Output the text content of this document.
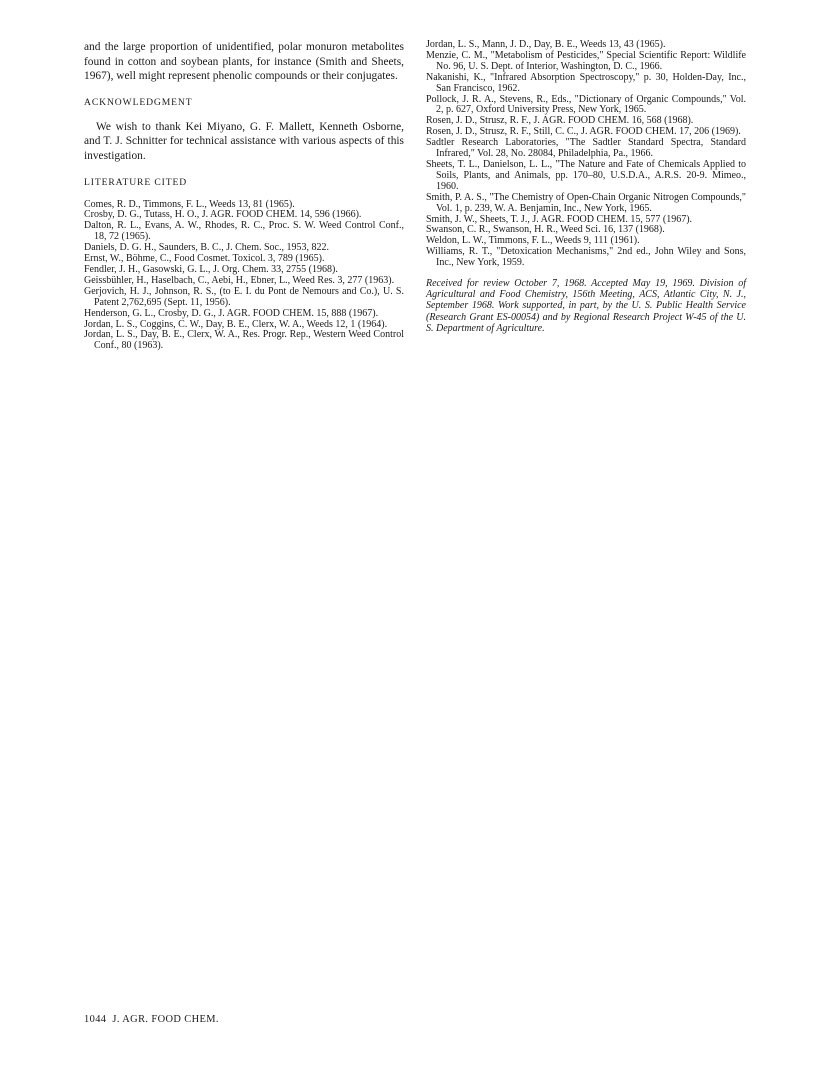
and the large proportion of unidentified, polar monuron metabolites found in cotton and soybean plants, for instance (Smith and Sheets, 1967), well might represent phenolic compounds or their conjugates.

ACKNOWLEDGMENT

We wish to thank Kei Miyano, G. F. Mallett, Kenneth Osborne, and T. J. Schnitter for technical assistance with various aspects of this investigation.

LITERATURE CITED

Comes, R. D., Timmons, F. L., Weeds 13, 81 (1965).

Crosby, D. G., Tutass, H. O., J. AGR. FOOD CHEM. 14, 596 (1966).

Dalton, R. L., Evans, A. W., Rhodes, R. C., Proc. S. W. Weed Control Conf., 18, 72 (1965).

Daniels, D. G. H., Saunders, B. C., J. Chem. Soc., 1953, 822.

Ernst, W., Böhme, C., Food Cosmet. Toxicol. 3, 789 (1965).

Fendler, J. H., Gasowski, G. L., J. Org. Chem. 33, 2755 (1968).

Geissbühler, H., Haselbach, C., Aebi, H., Ebner, L., Weed Res. 3, 277 (1963).

Gerjovich, H. J., Johnson, R. S., (to E. I. du Pont de Nemours and Co.), U. S. Patent 2,762,695 (Sept. 11, 1956).

Henderson, G. L., Crosby, D. G., J. AGR. FOOD CHEM. 15, 888 (1967).

Jordan, L. S., Coggins, C. W., Day, B. E., Clerx, W. A., Weeds 12, 1 (1964).

Jordan, L. S., Day, B. E., Clerx, W. A., Res. Progr. Rep., Western Weed Control Conf., 80 (1963).

Jordan, L. S., Mann, J. D., Day, B. E., Weeds 13, 43 (1965).

Menzie, C. M., "Metabolism of Pesticides," Special Scientific Report: Wildlife No. 96, U. S. Dept. of Interior, Washington, D. C., 1966.

Nakanishi, K., "Infrared Absorption Spectroscopy," p. 30, Holden-Day, Inc., San Francisco, 1962.

Pollock, J. R. A., Stevens, R., Eds., "Dictionary of Organic Compounds," Vol. 2, p. 627, Oxford University Press, New York, 1965.

Rosen, J. D., Strusz, R. F., J. AGR. FOOD CHEM. 16, 568 (1968).

Rosen, J. D., Strusz, R. F., Still, C. C., J. AGR. FOOD CHEM. 17, 206 (1969).

Sadtler Research Laboratories, "The Sadtler Standard Spectra, Standard Infrared," Vol. 28, No. 28084, Philadelphia, Pa., 1966.

Sheets, T. L., Danielson, L. L., "The Nature and Fate of Chemicals Applied to Soils, Plants, and Animals, pp. 170–80, U.S.D.A., A.R.S. 20-9. Mimeo., 1960.

Smith, P. A. S., "The Chemistry of Open-Chain Organic Nitrogen Compounds," Vol. 1, p. 239, W. A. Benjamin, Inc., New York, 1965.

Smith, J. W., Sheets, T. J., J. AGR. FOOD CHEM. 15, 577 (1967).

Swanson, C. R., Swanson, H. R., Weed Sci. 16, 137 (1968).

Weldon, L. W., Timmons, F. L., Weeds 9, 111 (1961).

Williams, R. T., "Detoxication Mechanisms," 2nd ed., John Wiley and Sons, Inc., New York, 1959.

Received for review October 7, 1968. Accepted May 19, 1969. Division of Agricultural and Food Chemistry, 156th Meeting, ACS, Atlantic City, N. J., September 1968. Work supported, in part, by the U. S. Public Health Service (Research Grant ES-00054) and by Regional Research Project W-45 of the U. S. Department of Agriculture.

1044 J. AGR. FOOD CHEM.
